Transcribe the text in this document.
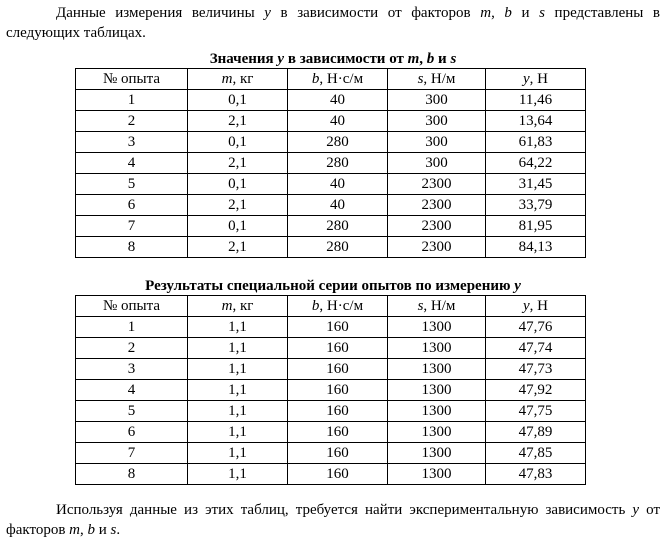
Данные измерения величины y в зависимости от факторов m, b и s представлены в следующих таблицах.

Значения y в зависимости от m, b и s
№ опыта	m, кг	b, Н·с/м	s, Н/м	y, Н
1	0,1	40	300	11,46
2	2,1	40	300	13,64
3	0,1	280	300	61,83
4	2,1	280	300	64,22
5	0,1	40	2300	31,45
6	2,1	40	2300	33,79
7	0,1	280	2300	81,95
8	2,1	280	2300	84,13
Результаты специальной серии опытов по измерению y
№ опыта	m, кг	b, Н·с/м	s, Н/м	y, Н
1	1,1	160	1300	47,76
2	1,1	160	1300	47,74
3	1,1	160	1300	47,73
4	1,1	160	1300	47,92
5	1,1	160	1300	47,75
6	1,1	160	1300	47,89
7	1,1	160	1300	47,85
8	1,1	160	1300	47,83

Используя данные из этих таблиц, требуется найти экспериментальную зависимость y от факторов m, b и s.
